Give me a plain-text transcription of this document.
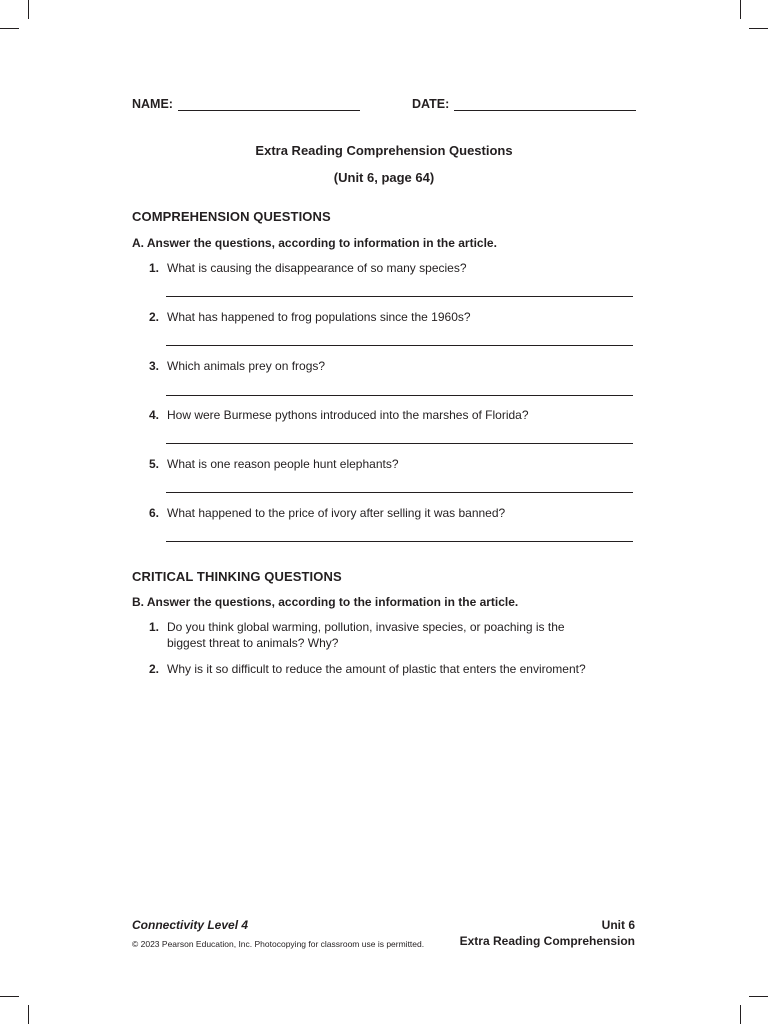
NAME:	DATE:
Extra Reading Comprehension Questions
(Unit 6, page 64)
COMPREHENSION QUESTIONS
A. Answer the questions, according to information in the article.
1. What is causing the disappearance of so many species?
2. What has happened to frog populations since the 1960s?
3. Which animals prey on frogs?
4. How were Burmese pythons introduced into the marshes of Florida?
5. What is one reason people hunt elephants?
6. What happened to the price of ivory after selling it was banned?
CRITICAL THINKING QUESTIONS
B. Answer the questions, according to the information in the article.
1. Do you think global warming, pollution, invasive species, or poaching is the biggest threat to animals? Why?
2. Why is it so difficult to reduce the amount of plastic that enters the enviroment?
Connectivity Level 4
© 2023 Pearson Education, Inc. Photocopying for classroom use is permitted.
Unit 6
Extra Reading Comprehension
